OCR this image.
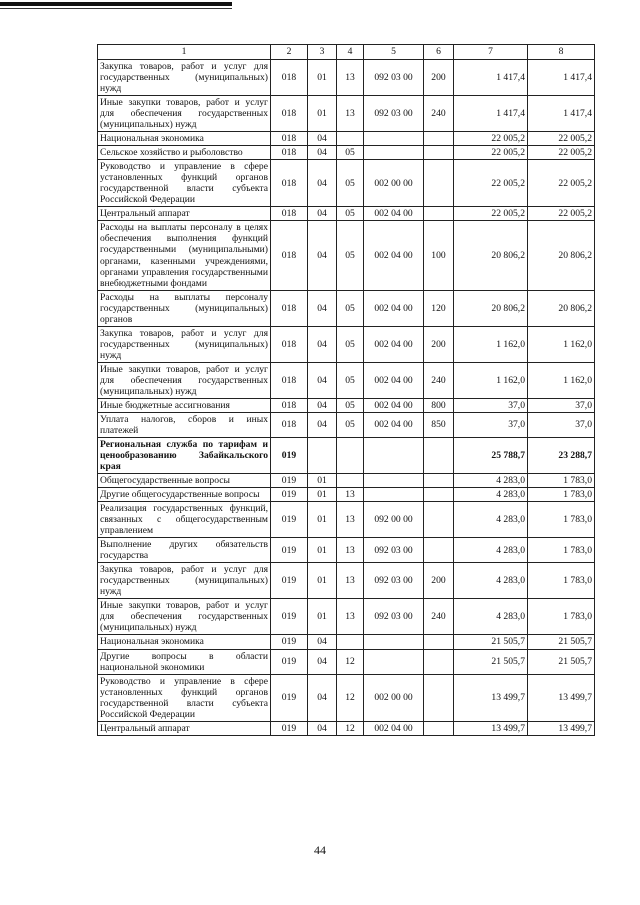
1	2	3	4	5	6	7	8
Закупка товаров, работ и услуг для государственных (муниципальных) нужд	018	01	13	092 03 00	200	1 417,4	1 417,4
Иные закупки товаров, работ и услуг для обеспечения государственных (муниципальных) нужд	018	01	13	092 03 00	240	1 417,4	1 417,4
Национальная экономика	018	04				22 005,2	22 005,2
Сельское хозяйство и рыболовство	018	04	05			22 005,2	22 005,2
Руководство и управление в сфере установленных функций органов государственной власти субъекта Российской Федерации	018	04	05	002 00 00		22 005,2	22 005,2
Центральный аппарат	018	04	05	002 04 00		22 005,2	22 005,2
Расходы на выплаты персоналу в целях обеспечения выполнения функций государственными (муниципальными) органами, казенными учреждениями, органами управления государственными внебюджетными фондами	018	04	05	002 04 00	100	20 806,2	20 806,2
Расходы на выплаты персоналу государственных (муниципальных) органов	018	04	05	002 04 00	120	20 806,2	20 806,2
Закупка товаров, работ и услуг для государственных (муниципальных) нужд	018	04	05	002 04 00	200	1 162,0	1 162,0
Иные закупки товаров, работ и услуг для обеспечения государственных (муниципальных) нужд	018	04	05	002 04 00	240	1 162,0	1 162,0
Иные бюджетные ассигнования	018	04	05	002 04 00	800	37,0	37,0
Уплата налогов, сборов и иных платежей	018	04	05	002 04 00	850	37,0	37,0
Региональная служба по тарифам и ценообразованию Забайкальского края	019					25 788,7	23 288,7
Общегосударственные вопросы	019	01				4 283,0	1 783,0
Другие общегосударственные вопросы	019	01	13			4 283,0	1 783,0
Реализация государственных функций, связанных с общегосударственным управлением	019	01	13	092 00 00		4 283,0	1 783,0
Выполнение других обязательств государства	019	01	13	092 03 00		4 283,0	1 783,0
Закупка товаров, работ и услуг для государственных (муниципальных) нужд	019	01	13	092 03 00	200	4 283,0	1 783,0
Иные закупки товаров, работ и услуг для обеспечения государственных (муниципальных) нужд	019	01	13	092 03 00	240	4 283,0	1 783,0
Национальная экономика	019	04				21 505,7	21 505,7
Другие вопросы в области национальной экономики	019	04	12			21 505,7	21 505,7
Руководство и управление в сфере установленных функций органов государственной власти субъекта Российской Федерации	019	04	12	002 00 00		13 499,7	13 499,7
Центральный аппарат	019	04	12	002 04 00		13 499,7	13 499,7
44
